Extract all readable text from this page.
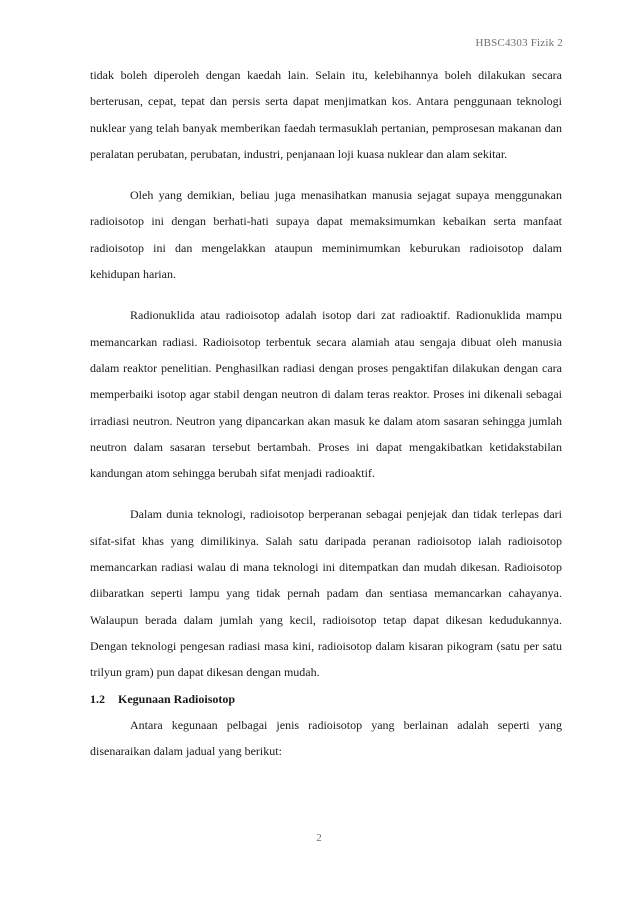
HBSC4303 Fizik 2

tidak boleh diperoleh dengan kaedah lain. Selain itu, kelebihannya boleh dilakukan secara berterusan, cepat, tepat dan persis serta dapat menjimatkan kos. Antara penggunaan teknologi nuklear yang telah banyak memberikan faedah termasuklah pertanian, pemprosesan makanan dan peralatan perubatan, perubatan, industri, penjanaan loji kuasa nuklear dan alam sekitar.

Oleh yang demikian, beliau juga menasihatkan manusia sejagat supaya menggunakan radioisotop ini dengan berhati-hati supaya dapat memaksimumkan kebaikan serta manfaat radioisotop ini dan mengelakkan ataupun meminimumkan keburukan radioisotop dalam kehidupan harian.

Radionuklida atau radioisotop adalah isotop dari zat radioaktif. Radionuklida mampu memancarkan radiasi. Radioisotop terbentuk secara alamiah atau sengaja dibuat oleh manusia dalam reaktor penelitian. Penghasilkan radiasi dengan proses pengaktifan dilakukan dengan cara memperbaiki isotop agar stabil dengan neutron di dalam teras reaktor. Proses ini dikenali sebagai irradiasi neutron. Neutron yang dipancarkan akan masuk ke dalam atom sasaran sehingga jumlah neutron dalam sasaran tersebut bertambah. Proses ini dapat mengakibatkan ketidakstabilan kandungan atom sehingga berubah sifat menjadi radioaktif.

Dalam dunia teknologi, radioisotop berperanan sebagai penjejak dan tidak terlepas dari sifat-sifat khas yang dimilikinya. Salah satu daripada peranan radioisotop ialah radioisotop memancarkan radiasi walau di mana teknologi ini ditempatkan dan mudah dikesan. Radioisotop diibaratkan seperti lampu yang tidak pernah padam dan sentiasa memancarkan cahayanya. Walaupun berada dalam jumlah yang kecil, radioisotop tetap dapat dikesan kedudukannya. Dengan teknologi pengesan radiasi masa kini, radioisotop dalam kisaran pikogram (satu per satu trilyun gram) pun dapat dikesan dengan mudah.

1.2 Kegunaan Radioisotop

Antara kegunaan pelbagai jenis radioisotop yang berlainan adalah seperti yang disenaraikan dalam jadual yang berikut:

2
